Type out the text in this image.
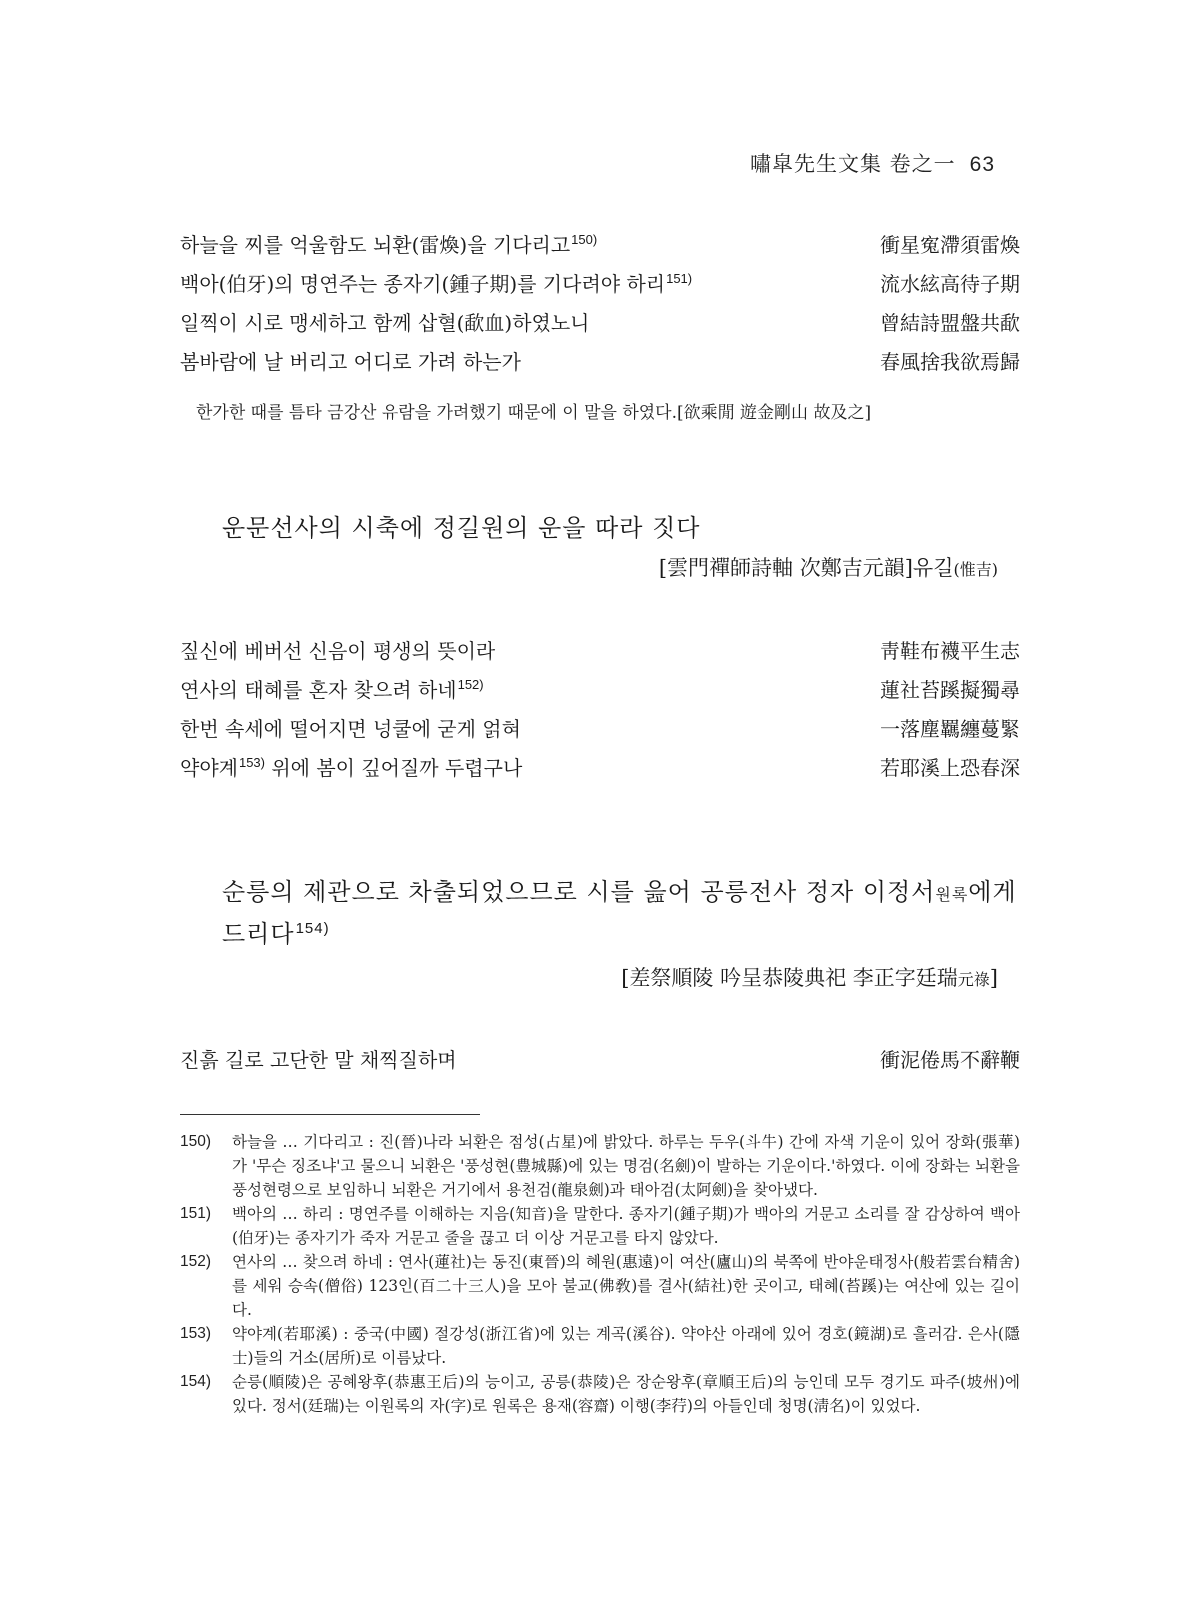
嘯皐先生文集 卷之一 63
하늘을 찌를 억울함도 뇌환(雷煥)을 기다리고$^{150)}$	衝星寃滯須雷煥
백아(伯牙)의 명연주는 종자기(鍾子期)를 기다려야 하리$^{151)}$	流水絃高待子期
일찍이 시로 맹세하고 함께 삽혈(歃血)하였노니	曾結詩盟盤共歃
봄바람에 날 버리고 어디로 가려 하는가	春風捨我欲焉歸
한가한 때를 틈타 금강산 유람을 가려했기 때문에 이 말을 하였다.[欲乘閒 遊金剛山 故及之]
운문선사의 시축에 정길원의 운을 따라 짓다
[雲門禪師詩軸 次鄭吉元韻]유길(惟吉)
짚신에 베버선 신음이 평생의 뜻이라	靑鞋布襪平生志
연사의 태혜를 혼자 찾으려 하네$^{152)}$	蓮社苔蹊擬獨尋
한번 속세에 떨어지면 넝쿨에 굳게 얽혀	一落塵羈纏蔓緊
약야계$^{153)}$ 위에 봄이 깊어질까 두렵구나	若耶溪上恐春深
순릉의 제관으로 차출되었으므로 시를 읊어 공릉전사 정자 이정서원록에게
드리다$^{154)}$
[差祭順陵 吟呈恭陵典祀 李正字廷瑞元祿]
진흙 길로 고단한 말 채찍질하며	衝泥倦馬不辭鞭
150)	하늘을 … 기다리고 : 진(晉)나라 뇌환은 점성(占星)에 밝았다. 하루는 두우(斗牛) 간에 자색 기운이 있어 장화(張華)가 '무슨 징조냐'고 물으니 뇌환은 '풍성현(豊城縣)에 있는 명검(名劍)이 발하는 기운이다.'하였다. 이에 장화는 뇌환을 풍성현령으로 보임하니 뇌환은 거기에서 용천검(龍泉劍)과 태아검(太阿劍)을 찾아냈다.
151)	백아의 … 하리 : 명연주를 이해하는 지음(知音)을 말한다. 종자기(鍾子期)가 백아의 거문고 소리를 잘 감상하여 백아(伯牙)는 종자기가 죽자 거문고 줄을 끊고 더 이상 거문고를 타지 않았다.
152)	연사의 … 찾으려 하네 : 연사(蓮社)는 동진(東晉)의 혜원(惠遠)이 여산(廬山)의 북쪽에 반야운태정사(般若雲台精舍)를 세워 승속(僧俗) 123인(百二十三人)을 모아 불교(佛敎)를 결사(結社)한 곳이고, 태혜(苔蹊)는 여산에 있는 길이다.
153)	약야계(若耶溪) : 중국(中國) 절강성(浙江省)에 있는 계곡(溪谷). 약야산 아래에 있어 경호(鏡湖)로 흘러감. 은사(隱士)들의 거소(居所)로 이름났다.
154)	순릉(順陵)은 공혜왕후(恭惠王后)의 능이고, 공릉(恭陵)은 장순왕후(章順王后)의 능인데 모두 경기도 파주(坡州)에 있다. 정서(廷瑞)는 이원록의 자(字)로 원록은 용재(容齋) 이행(李荇)의 아들인데 청명(淸名)이 있었다.
